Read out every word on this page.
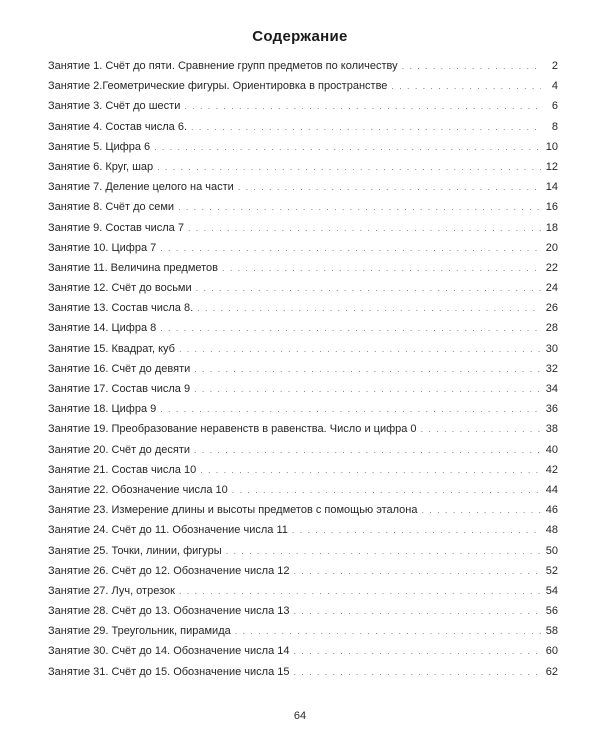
Содержание
Занятие 1. Счёт до пяти. Сравнение групп предметов по количеству . . .	2
Занятие 2.Геометрические фигуры. Ориентировка в пространстве . . .	4
Занятие 3. Счёт до шести . . .	6
Занятие 4. Состав числа 6. . . .	8
Занятие 5. Цифра 6 . . .	10
Занятие 6. Круг, шар . . .	12
Занятие 7. Деление целого на части . . .	14
Занятие 8. Счёт до семи . . .	16
Занятие 9. Состав числа 7 . . .	18
Занятие 10. Цифра 7 . . .	20
Занятие 11. Величина предметов . . .	22
Занятие 12. Счёт до восьми . . .	24
Занятие 13. Состав числа 8. . . .	26
Занятие 14. Цифра 8 . . .	28
Занятие 15. Квадрат, куб . . .	30
Занятие 16. Счёт до девяти . . .	32
Занятие 17. Состав числа 9 . . .	34
Занятие 18. Цифра 9 . . .	36
Занятие 19. Преобразование неравенств в равенства. Число и цифра 0 . . .	38
Занятие 20. Счёт до десяти . . .	40
Занятие 21. Состав числа 10 . . .	42
Занятие 22. Обозначение числа 10 . . .	44
Занятие 23. Измерение длины и высоты предметов с помощью эталона . . .	46
Занятие 24. Счёт до 11. Обозначение числа 11 . . .	48
Занятие 25. Точки, линии, фигуры . . .	50
Занятие 26. Счёт до 12. Обозначение числа 12 . . .	52
Занятие 27. Луч, отрезок . . .	54
Занятие 28. Счёт до 13. Обозначение числа 13 . . .	56
Занятие 29. Треугольник, пирамида . . .	58
Занятие 30. Счёт до 14. Обозначение числа 14 . . .	60
Занятие 31. Счёт до 15. Обозначение числа 15 . . .	62
64
